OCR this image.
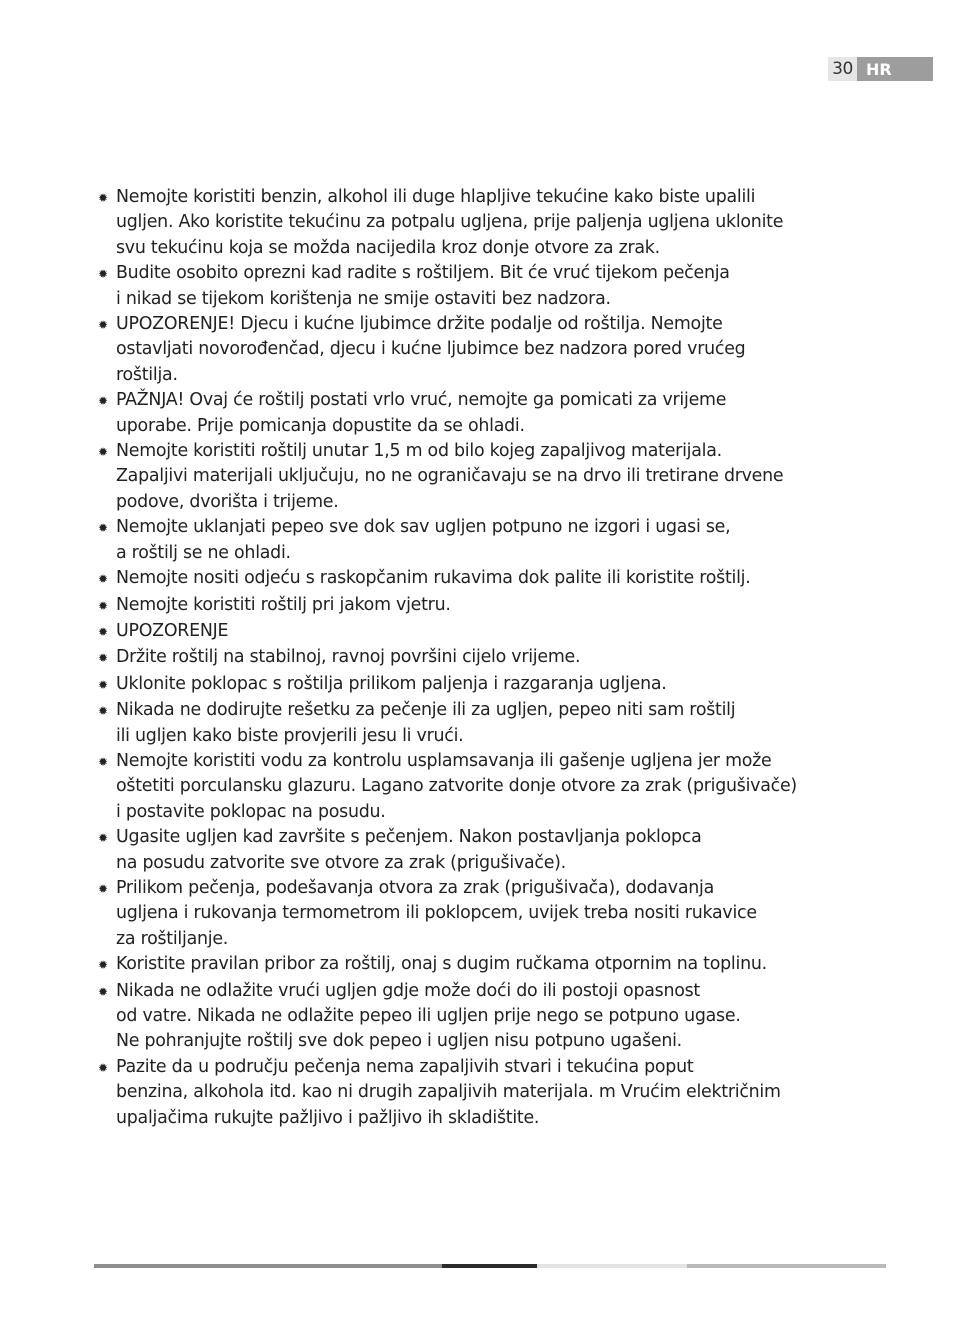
30 HR
✹ Nemojte koristiti benzin, alkohol ili duge hlapljive tekućine kako biste upalili
ugljen. Ako koristite tekućinu za potpalu ugljena, prije paljenja ugljena uklonite
svu tekućinu koja se možda nacijedila kroz donje otvore za zrak.
✹ Budite osobito oprezni kad radite s roštiljem. Bit će vruć tijekom pečenja
i nikad se tijekom korištenja ne smije ostaviti bez nadzora.
✹ UPOZORENJE! Djecu i kućne ljubimce držite podalje od roštilja. Nemojte
ostavljati novorođenčad, djecu i kućne ljubimce bez nadzora pored vrućeg
roštilja.
✹ PAŽNJA! Ovaj će roštilj postati vrlo vruć, nemojte ga pomicati za vrijeme
uporabe. Prije pomicanja dopustite da se ohladi.
✹ Nemojte koristiti roštilj unutar 1,5 m od bilo kojeg zapaljivog materijala.
Zapaljivi materijali uključuju, no ne ograničavaju se na drvo ili tretirane drvene
podove, dvorišta i trijeme.
✹ Nemojte uklanjati pepeo sve dok sav ugljen potpuno ne izgori i ugasi se,
a roštilj se ne ohladi.
✹ Nemojte nositi odjeću s raskopčanim rukavima dok palite ili koristite roštilj.
✹ Nemojte koristiti roštilj pri jakom vjetru.
✹ UPOZORENJE
✹ Držite roštilj na stabilnoj, ravnoj površini cijelo vrijeme.
✹ Uklonite poklopac s roštilja prilikom paljenja i razgaranja ugljena.
✹ Nikada ne dodirujte rešetku za pečenje ili za ugljen, pepeo niti sam roštilj
ili ugljen kako biste provjerili jesu li vrući.
✹ Nemojte koristiti vodu za kontrolu usplamsavanja ili gašenje ugljena jer može
oštetiti porculansku glazuru. Lagano zatvorite donje otvore za zrak (prigušivače)
i postavite poklopac na posudu.
✹ Ugasite ugljen kad završite s pečenjem. Nakon postavljanja poklopca
na posudu zatvorite sve otvore za zrak (prigušivače).
✹ Prilikom pečenja, podešavanja otvora za zrak (prigušivača), dodavanja
ugljena i rukovanja termometrom ili poklopcem, uvijek treba nositi rukavice
za roštiljanje.
✹ Koristite pravilan pribor za roštilj, onaj s dugim ručkama otpornim na toplinu.
✹ Nikada ne odlažite vrući ugljen gdje može doći do ili postoji opasnost
od vatre. Nikada ne odlažite pepeo ili ugljen prije nego se potpuno ugase.
Ne pohranjujte roštilj sve dok pepeo i ugljen nisu potpuno ugašeni.
✹ Pazite da u području pečenja nema zapaljivih stvari i tekućina poput
benzina, alkohola itd. kao ni drugih zapaljivih materijala. m Vrućim električnim
upaljačima rukujte pažljivo i pažljivo ih skladištite.
